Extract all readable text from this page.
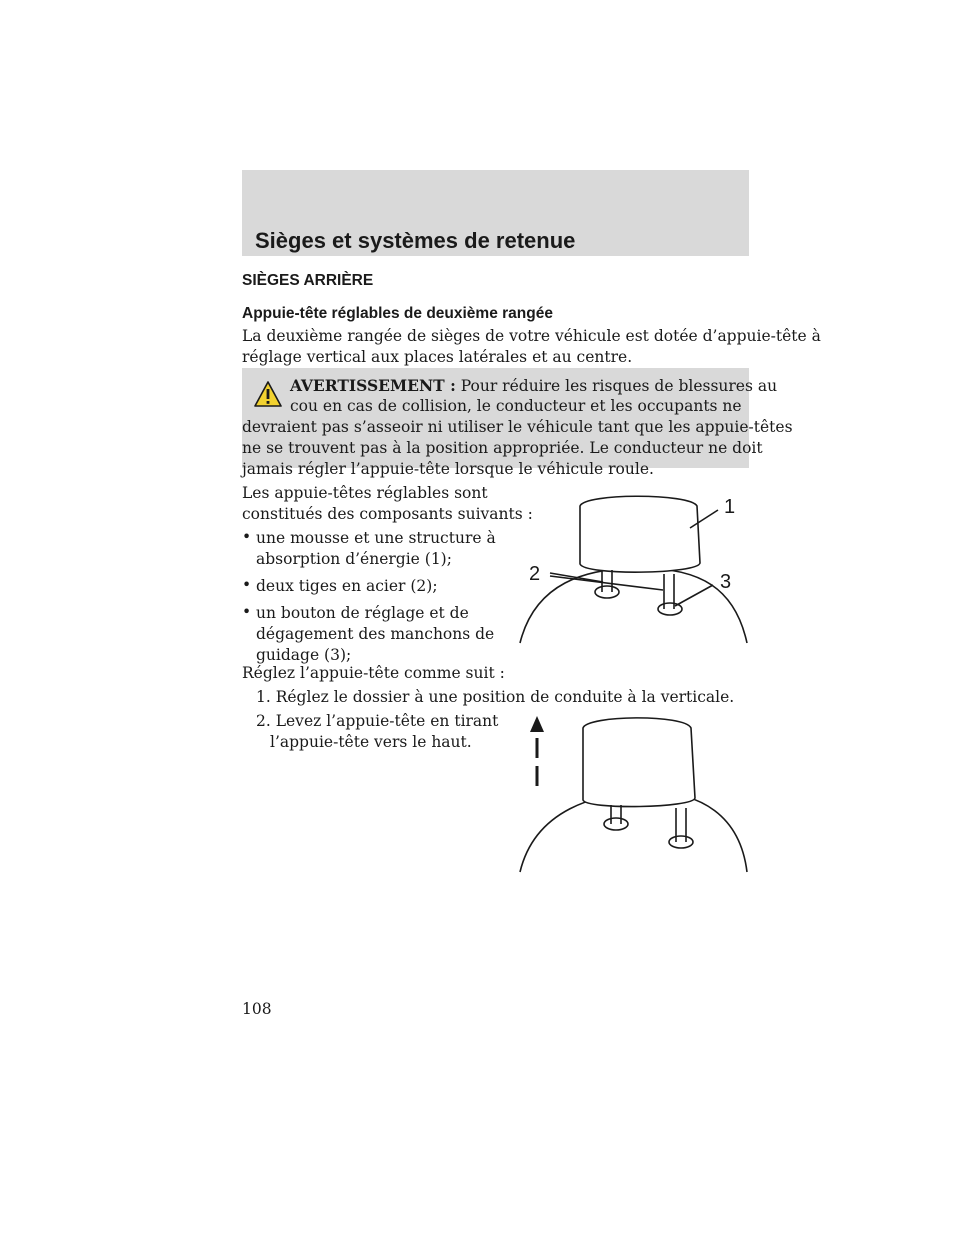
Sièges et systèmes de retenue
SIÈGES ARRIÈRE
Appuie-tête réglables de deuxième rangée
La deuxième rangée de sièges de votre véhicule est dotée d’appuie-tête à
réglage vertical aux places latérales et au centre.
AVERTISSEMENT : Pour réduire les risques de blessures au
cou en cas de collision, le conducteur et les occupants ne
devraient pas s’asseoir ni utiliser le véhicule tant que les appuie-têtes
ne se trouvent pas à la position appropriée. Le conducteur ne doit
jamais régler l’appuie-tête lorsque le véhicule roule.
Les appuie-têtes réglables sont
constitués des composants suivants :
• une mousse et une structure à
absorption d’énergie (1);
• deux tiges en acier (2);
• un bouton de réglage et de
dégagement des manchons de
guidage (3);
1
2	3
Réglez l’appuie-tête comme suit :
1. Réglez le dossier à une position de conduite à la verticale.
2. Levez l’appuie-tête en tirant
l’appuie-tête vers le haut.
108
